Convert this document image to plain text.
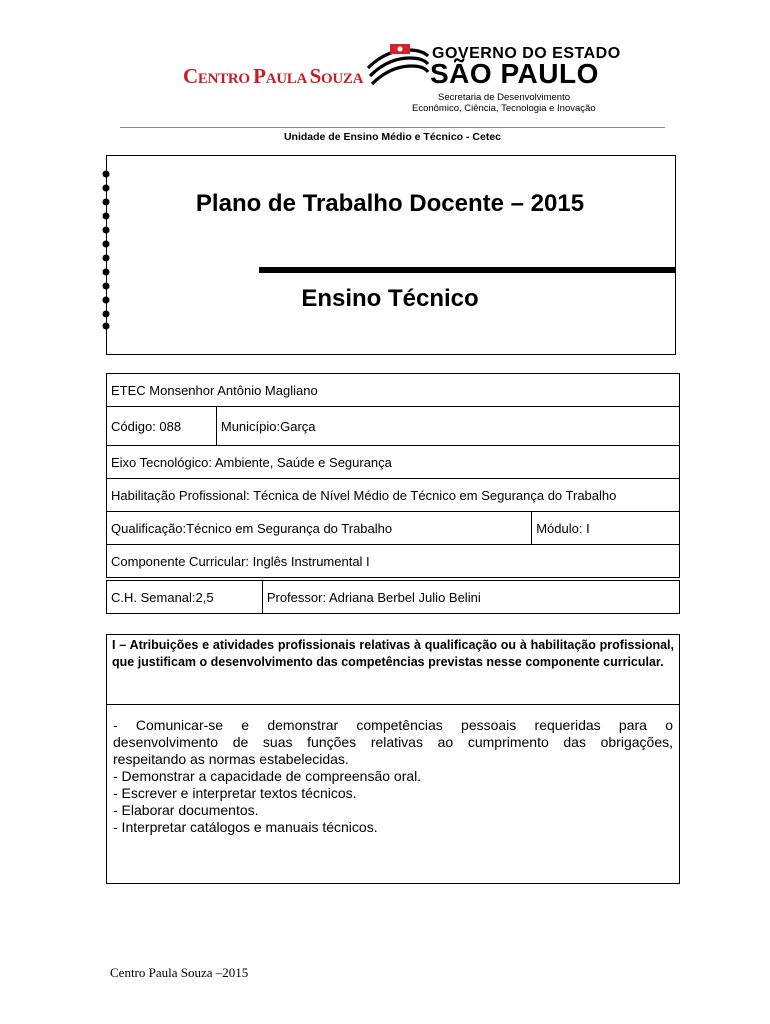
CENTRO PAULA SOUZA
GOVERNO DO ESTADO
SÃO PAULO
Secretaria de Desenvolvimento
Econômico, Ciência, Tecnologia e Inovação
Unidade de Ensino Médio e Técnico - Cetec
Plano de Trabalho Docente – 2015
Ensino Técnico
ETEC Monsenhor Antônio Magliano		
Código: 088	Município:Garça	
Eixo Tecnológico: Ambiente, Saúde e Segurança		
Habilitação Profissional: Técnica de Nível Médio de Técnico em Segurança do Trabalho		
Qualificação:Técnico em Segurança do Trabalho		Módulo: I
Componente Curricular: Inglês Instrumental I		
C.H. Semanal:2,5	Professor: Adriana Berbel Julio Belini
I – Atribuições e atividades profissionais relativas à qualificação ou à habilitação profissional, que justificam o desenvolvimento das competências previstas nesse componente curricular.

- Comunicar-se e demonstrar competências pessoais requeridas para o

desenvolvimento de suas funções relativas ao cumprimento das obrigações,

respeitando as normas estabelecidas.

- Demonstrar a capacidade de compreensão oral.

- Escrever e interpretar textos técnicos.

- Elaborar documentos.

- Interpretar catálogos e manuais técnicos.

Centro Paula Souza –2015
